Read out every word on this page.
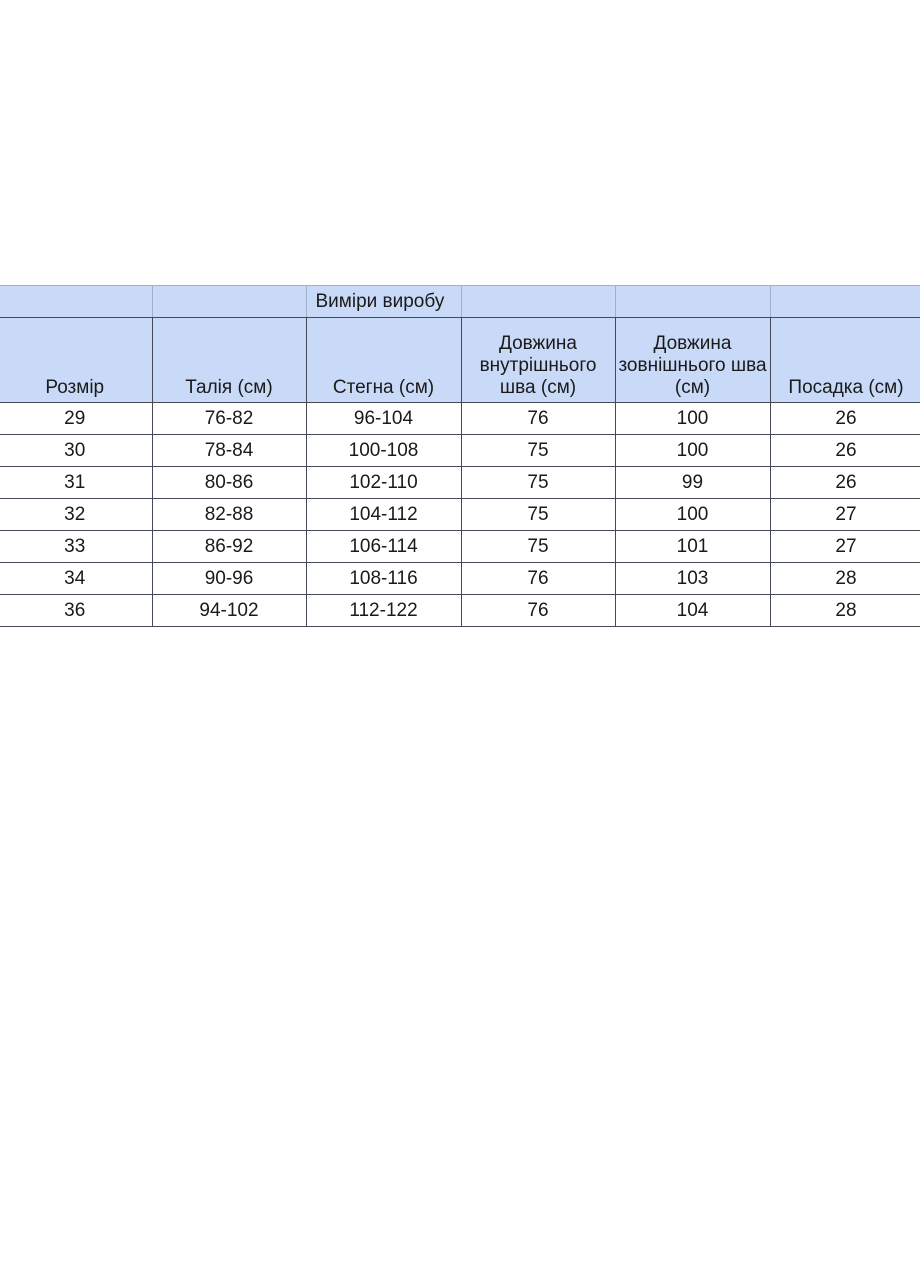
		Виміри виробу			
Розмір	Талія (см)	Стегна (см)	Довжина внутрішнього шва (см)	Довжина зовнішнього шва (см)	Посадка (см)
29	76-82	96-104	76	100	26
30	78-84	100-108	75	100	26
31	80-86	102-110	75	99	26
32	82-88	104-112	75	100	27
33	86-92	106-114	75	101	27
34	90-96	108-116	76	103	28
36	94-102	112-122	76	104	28
